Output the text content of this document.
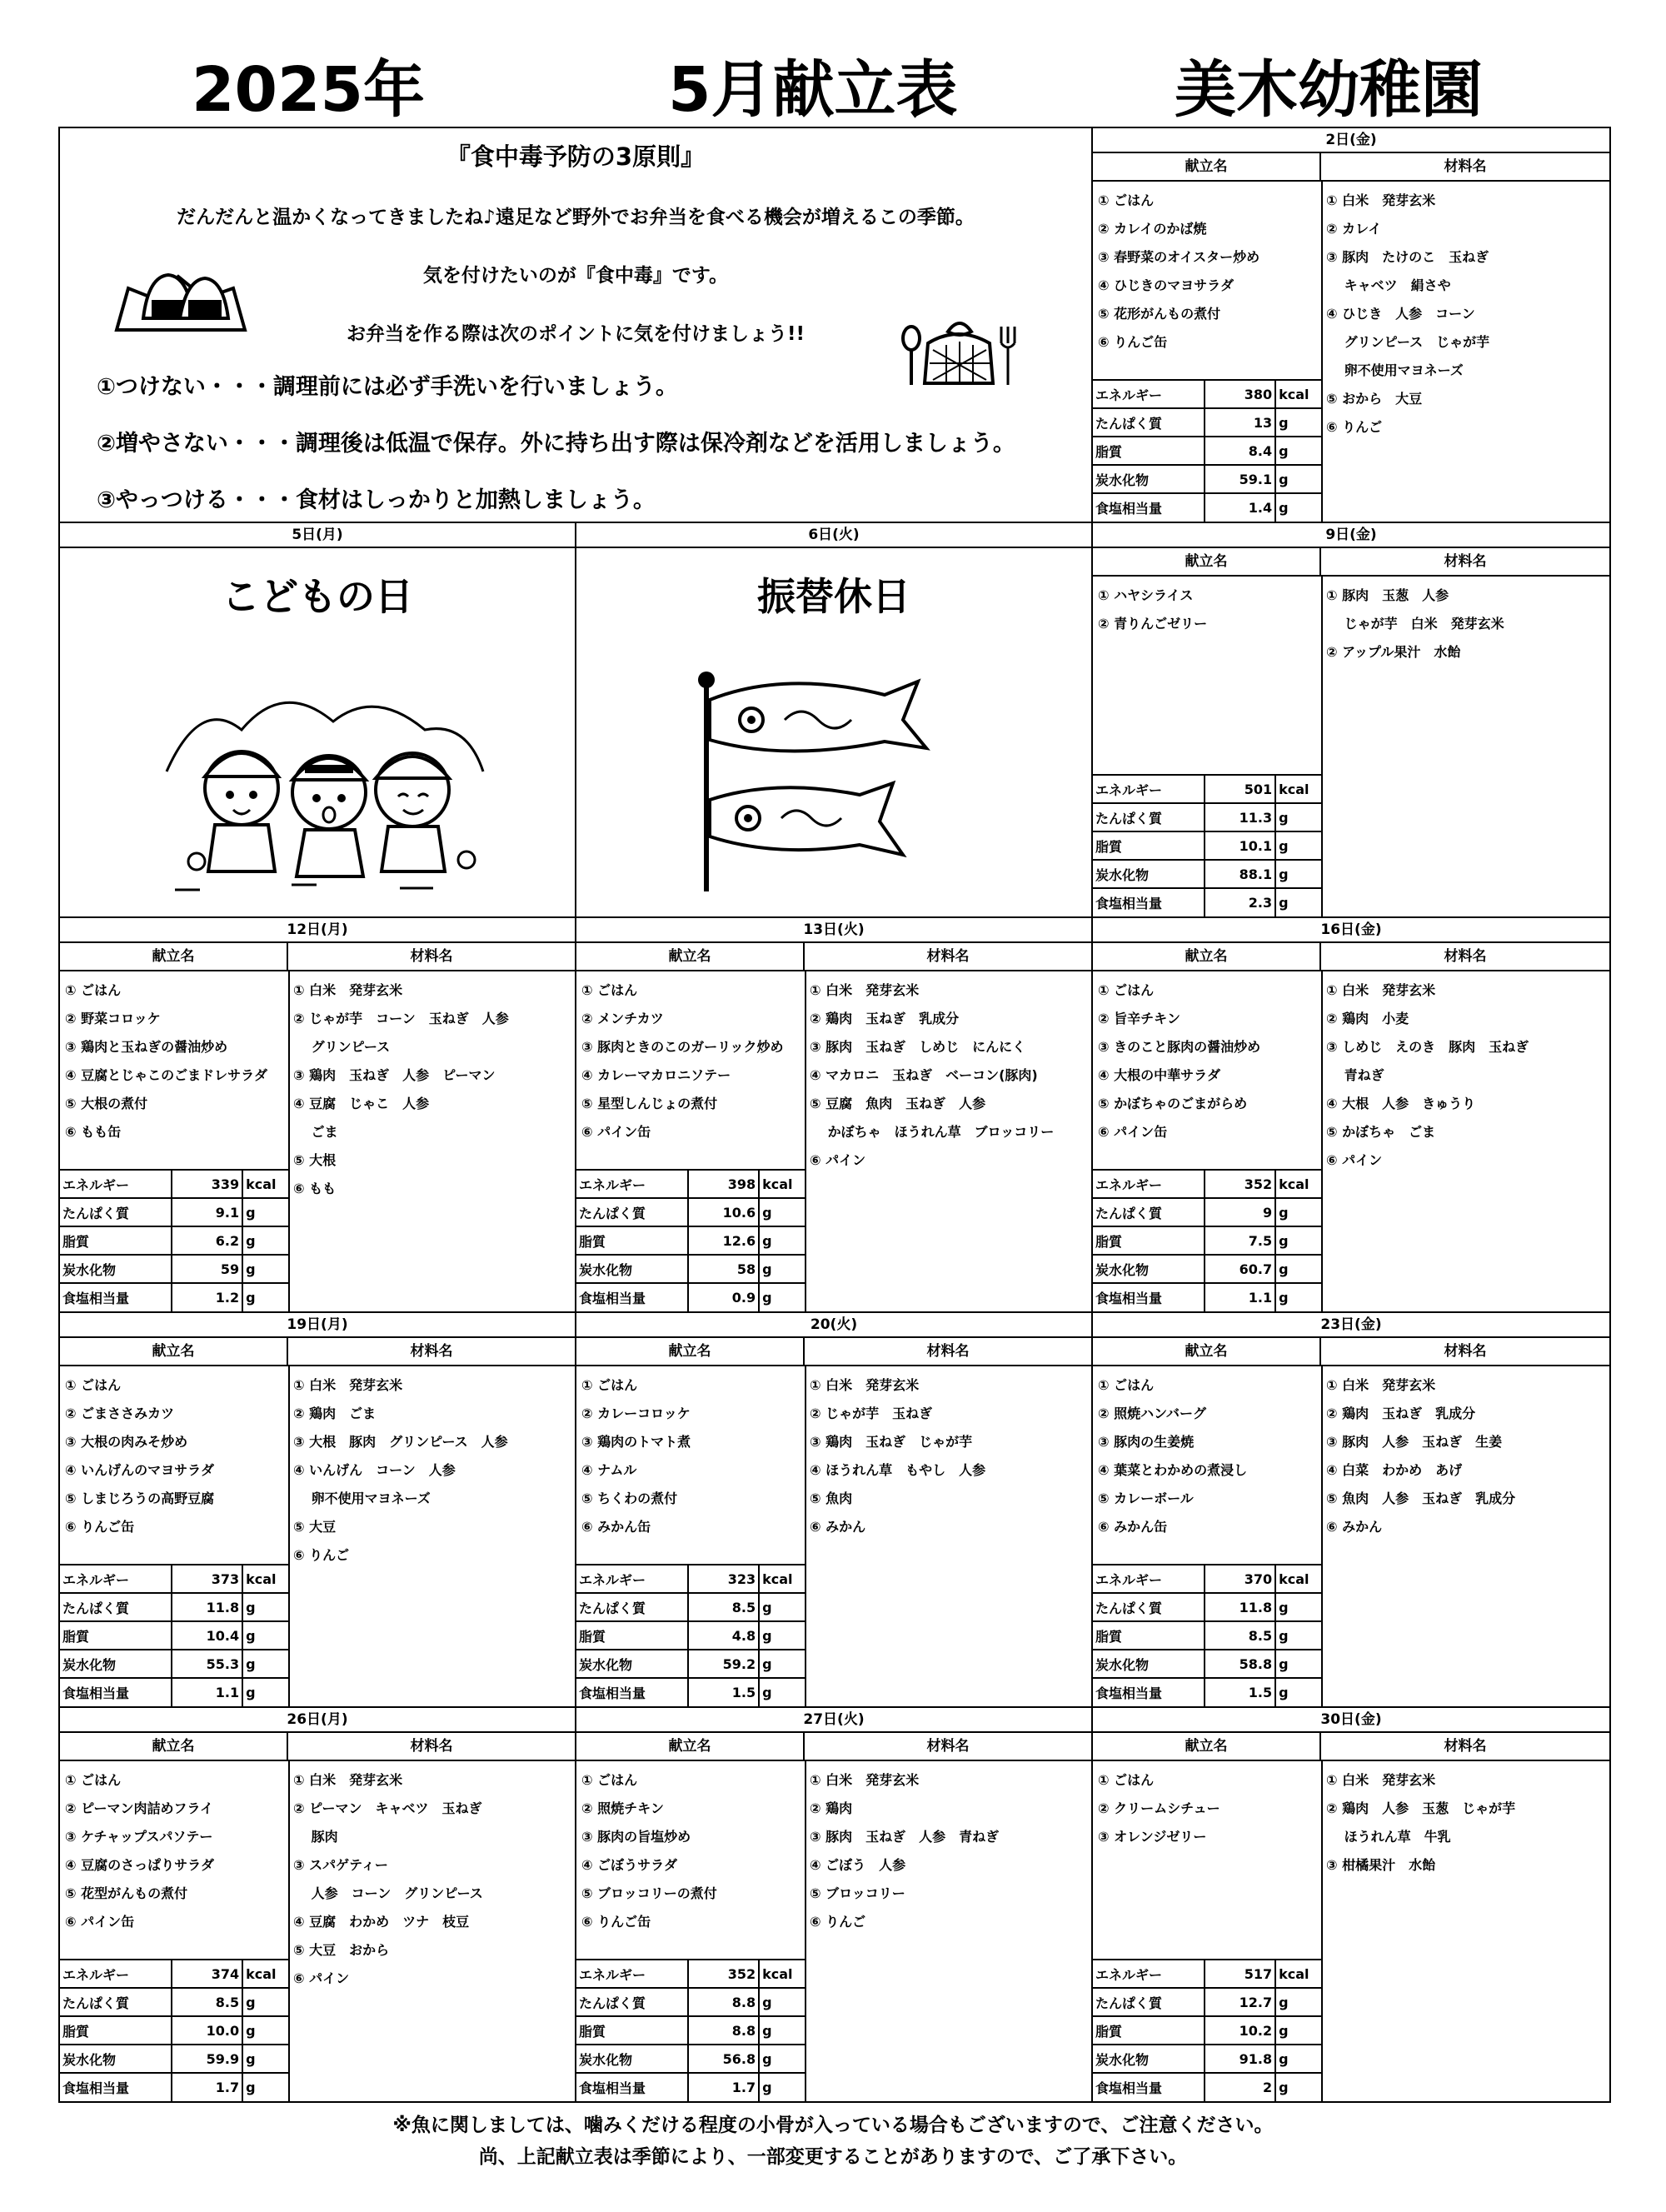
2025年	5月献立表	美木幼稚園
『食中毒予防の3原則』
だんだんと温かくなってきましたね♪遠足など野外でお弁当を食べる機会が増えるこの季節。
気を付けたいのが『食中毒』です。
お弁当を作る際は次のポイントに気を付けましょう!!
①つけない・・・調理前には必ず手洗いを行いましょう。
②増やさない・・・調理後は低温で保存。外に持ち出す際は保冷剤などを活用しましょう。
③やっつける・・・食材はしっかりと加熱しましょう。
2日(金)
献立名	材料名
① ごはん
② カレイのかば焼
③ 春野菜のオイスター炒め
④ ひじきのマヨサラダ
⑤ 花形がんもの煮付
⑥ りんご缶
① 白米　発芽玄米
② カレイ
③ 豚肉　たけのこ　玉ねぎ
　 キャベツ　絹さや
④ ひじき　人参　コーン
　 グリンピース　じゃが芋
　 卵不使用マヨネーズ
⑤ おから　大豆
⑥ りんご
エネルギー	380	kcal
たんぱく質	13	g
脂質	8.4	g
炭水化物	59.1	g
食塩相当量	1.4	g
5日(月)
こどもの日
6日(火)
振替休日
9日(金)
献立名	材料名
① ハヤシライス
② 青りんごゼリー
① 豚肉　玉葱　人参
　 じゃが芋　白米　発芽玄米
② アップル果汁　水飴
エネルギー	501	kcal
たんぱく質	11.3	g
脂質	10.1	g
炭水化物	88.1	g
食塩相当量	2.3	g
12日(月)
献立名	材料名
① ごはん
② 野菜コロッケ
③ 鶏肉と玉ねぎの醤油炒め
④ 豆腐とじゃこのごまドレサラダ
⑤ 大根の煮付
⑥ もも缶
① 白米　発芽玄米
② じゃが芋　コーン　玉ねぎ　人参
　 グリンピース
③ 鶏肉　玉ねぎ　人参　ピーマン
④ 豆腐　じゃこ　人参
　 ごま
⑤ 大根
⑥ もも
エネルギー	339	kcal
たんぱく質	9.1	g
脂質	6.2	g
炭水化物	59	g
食塩相当量	1.2	g
13日(火)
献立名	材料名
① ごはん
② メンチカツ
③ 豚肉ときのこのガーリック炒め
④ カレーマカロニソテー
⑤ 星型しんじょの煮付
⑥ パイン缶
① 白米　発芽玄米
② 鶏肉　玉ねぎ　乳成分
③ 豚肉　玉ねぎ　しめじ　にんにく
④ マカロニ　玉ねぎ　ベーコン(豚肉)
⑤ 豆腐　魚肉　玉ねぎ　人参
　 かぼちゃ　ほうれん草　ブロッコリー
⑥ パイン
エネルギー	398	kcal
たんぱく質	10.6	g
脂質	12.6	g
炭水化物	58	g
食塩相当量	0.9	g
16日(金)
献立名	材料名
① ごはん
② 旨辛チキン
③ きのこと豚肉の醤油炒め
④ 大根の中華サラダ
⑤ かぼちゃのごまがらめ
⑥ パイン缶
① 白米　発芽玄米
② 鶏肉　小麦
③ しめじ　えのき　豚肉　玉ねぎ
　 青ねぎ
④ 大根　人参　きゅうり
⑤ かぼちゃ　ごま
⑥ パイン
エネルギー	352	kcal
たんぱく質	9	g
脂質	7.5	g
炭水化物	60.7	g
食塩相当量	1.1	g
19日(月)
献立名	材料名
① ごはん
② ごまささみカツ
③ 大根の肉みそ炒め
④ いんげんのマヨサラダ
⑤ しまじろうの高野豆腐
⑥ りんご缶
① 白米　発芽玄米
② 鶏肉　ごま
③ 大根　豚肉　グリンピース　人参
④ いんげん　コーン　人参
　 卵不使用マヨネーズ
⑤ 大豆
⑥ りんご
エネルギー	373	kcal
たんぱく質	11.8	g
脂質	10.4	g
炭水化物	55.3	g
食塩相当量	1.1	g
20(火)
献立名	材料名
① ごはん
② カレーコロッケ
③ 鶏肉のトマト煮
④ ナムル
⑤ ちくわの煮付
⑥ みかん缶
① 白米　発芽玄米
② じゃが芋　玉ねぎ
③ 鶏肉　玉ねぎ　じゃが芋
④ ほうれん草　もやし　人参
⑤ 魚肉
⑥ みかん
エネルギー	323	kcal
たんぱく質	8.5	g
脂質	4.8	g
炭水化物	59.2	g
食塩相当量	1.5	g
23日(金)
献立名	材料名
① ごはん
② 照焼ハンバーグ
③ 豚肉の生姜焼
④ 葉菜とわかめの煮浸し
⑤ カレーボール
⑥ みかん缶
① 白米　発芽玄米
② 鶏肉　玉ねぎ　乳成分
③ 豚肉　人参　玉ねぎ　生姜
④ 白菜　わかめ　あげ
⑤ 魚肉　人参　玉ねぎ　乳成分
⑥ みかん
エネルギー	370	kcal
たんぱく質	11.8	g
脂質	8.5	g
炭水化物	58.8	g
食塩相当量	1.5	g
26日(月)
献立名	材料名
① ごはん
② ピーマン肉詰めフライ
③ ケチャップスパソテー
④ 豆腐のさっぱりサラダ
⑤ 花型がんもの煮付
⑥ パイン缶
① 白米　発芽玄米
② ピーマン　キャベツ　玉ねぎ
　 豚肉
③ スパゲティー
　 人参　コーン　グリンピース
④ 豆腐　わかめ　ツナ　枝豆
⑤ 大豆　おから
⑥ パイン
エネルギー	374	kcal
たんぱく質	8.5	g
脂質	10.0	g
炭水化物	59.9	g
食塩相当量	1.7	g
27日(火)
献立名	材料名
① ごはん
② 照焼チキン
③ 豚肉の旨塩炒め
④ ごぼうサラダ
⑤ ブロッコリーの煮付
⑥ りんご缶
① 白米　発芽玄米
② 鶏肉
③ 豚肉　玉ねぎ　人参　青ねぎ
④ ごぼう　人参
⑤ ブロッコリー
⑥ りんご
エネルギー	352	kcal
たんぱく質	8.8	g
脂質	8.8	g
炭水化物	56.8	g
食塩相当量	1.7	g
30日(金)
献立名	材料名
① ごはん
② クリームシチュー
③ オレンジゼリー
① 白米　発芽玄米
② 鶏肉　人参　玉葱　じゃが芋
　 ほうれん草　牛乳
③ 柑橘果汁　水飴
エネルギー	517	kcal
たんぱく質	12.7	g
脂質	10.2	g
炭水化物	91.8	g
食塩相当量	2	g
※魚に関しましては、噛みくだける程度の小骨が入っている場合もございますので、ご注意ください。
尚、上記献立表は季節により、一部変更することがありますので、ご了承下さい。
